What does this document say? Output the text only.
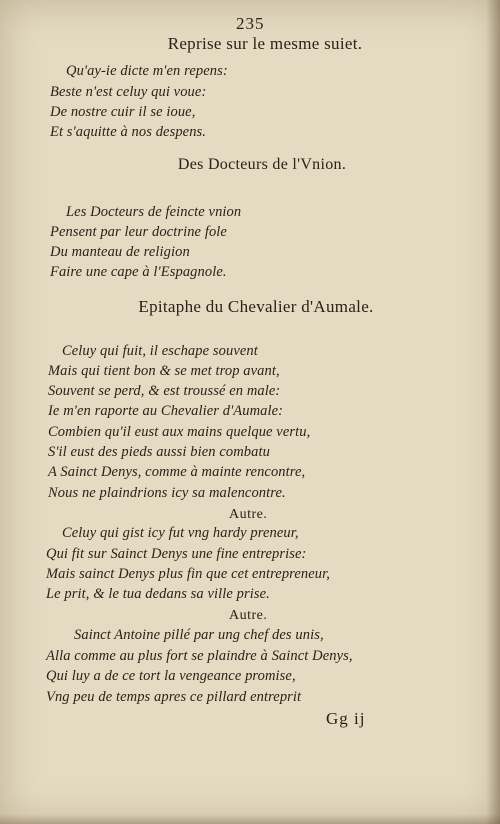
235
Reprise sur le mesme suiet.
Qu'ay-ie dicte m'en repens:
Beste n'est celuy qui voue:
De nostre cuir il se ioue,
Et s'aquitte à nos despens.
Des Docteurs de l'Vnion.
Les Docteurs de feincte vnion
Pensent par leur doctrine fole
Du manteau de religion
Faire une cape à l'Espagnole.
Epitaphe du Chevalier d'Aumale.
Celuy qui fuit, il eschape souvent
Mais qui tient bon & se met trop avant,
Souvent se perd, & est troussé en male:
Ie m'en raporte au Chevalier d'Aumale:
Combien qu'il eust aux mains quelque vertu,
S'il eust des pieds aussi bien combatu
A Sainct Denys, comme à mainte rencontre,
Nous ne plaindrions icy sa malencontre.
Autre.
Celuy qui gist icy fut vng hardy preneur,
Qui fit sur Sainct Denys une fine entreprise:
Mais sainct Denys plus fin que cet entrepreneur,
Le prit, & le tua dedans sa ville prise.
Autre.
Sainct Antoine pillé par ung chef des unis,
Alla comme au plus fort se plaindre à Sainct Denys,
Qui luy a de ce tort la vengeance promise,
Vng peu de temps apres ce pillard entreprit
Gg ij
